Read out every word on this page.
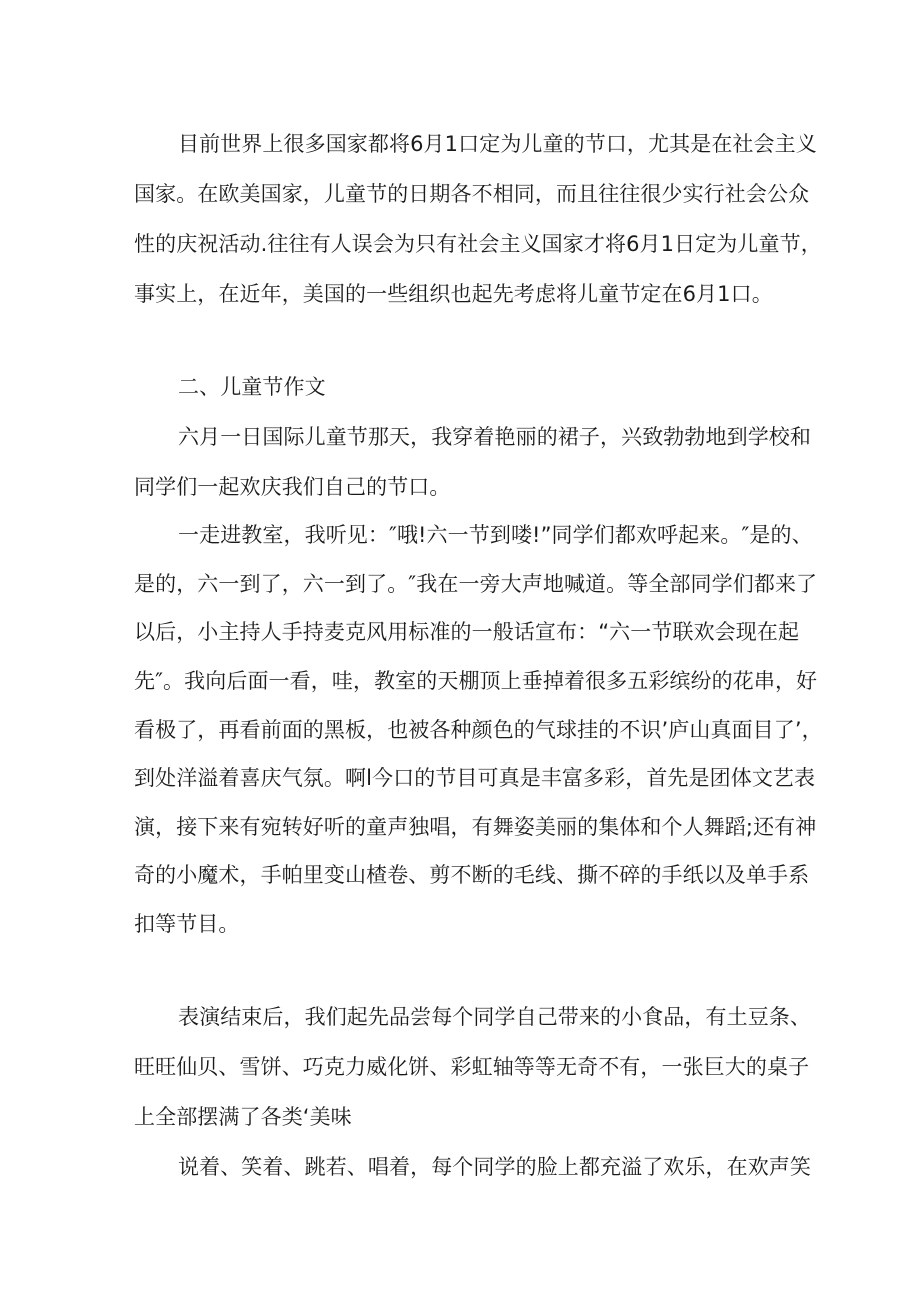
目前世界上很多国家都将6月1口定为儿童的节口，尤其是在社会主义
国家。在欧美国家，儿童节的日期各不相同，而且往往很少实行社会公众
性的庆祝活动.往往有人误会为只有社会主义国家才将6月1日定为儿童节，
事实上，在近年，美国的一些组织也起先考虑将儿童节定在6月1口。
二、儿童节作文
六月一日国际儿童节那天，我穿着艳丽的裙子，兴致勃勃地到学校和
同学们一起欢庆我们自己的节口。
一走进教室，我听见：″哦!六一节到喽!”同学们都欢呼起来。″是的、
是的，六一到了，六一到了。″我在一旁大声地喊道。等全部同学们都来了
以后，小主持人手持麦克风用标准的一般话宣布：“六一节联欢会现在起
先″。我向后面一看，哇，教室的天棚顶上垂掉着很多五彩缤纷的花串，好
看极了，再看前面的黑板，也被各种颜色的气球挂的不识’庐山真面目了’，
到处洋溢着喜庆气氛。啊l今口的节目可真是丰富多彩，首先是团体文艺表
演，接下来有宛转好听的童声独唱，有舞姿美丽的集体和个人舞蹈;还有神
奇的小魔术，手帕里变山楂卷、剪不断的毛线、撕不碎的手纸以及单手系
扣等节目。
表演结束后，我们起先品尝每个同学自己带来的小食品，有土豆条、
旺旺仙贝、雪饼、巧克力威化饼、彩虹轴等等无奇不有，一张巨大的桌子
上全部摆满了各类‘美味
说着、笑着、跳若、唱着，每个同学的脸上都充溢了欢乐，在欢声笑
